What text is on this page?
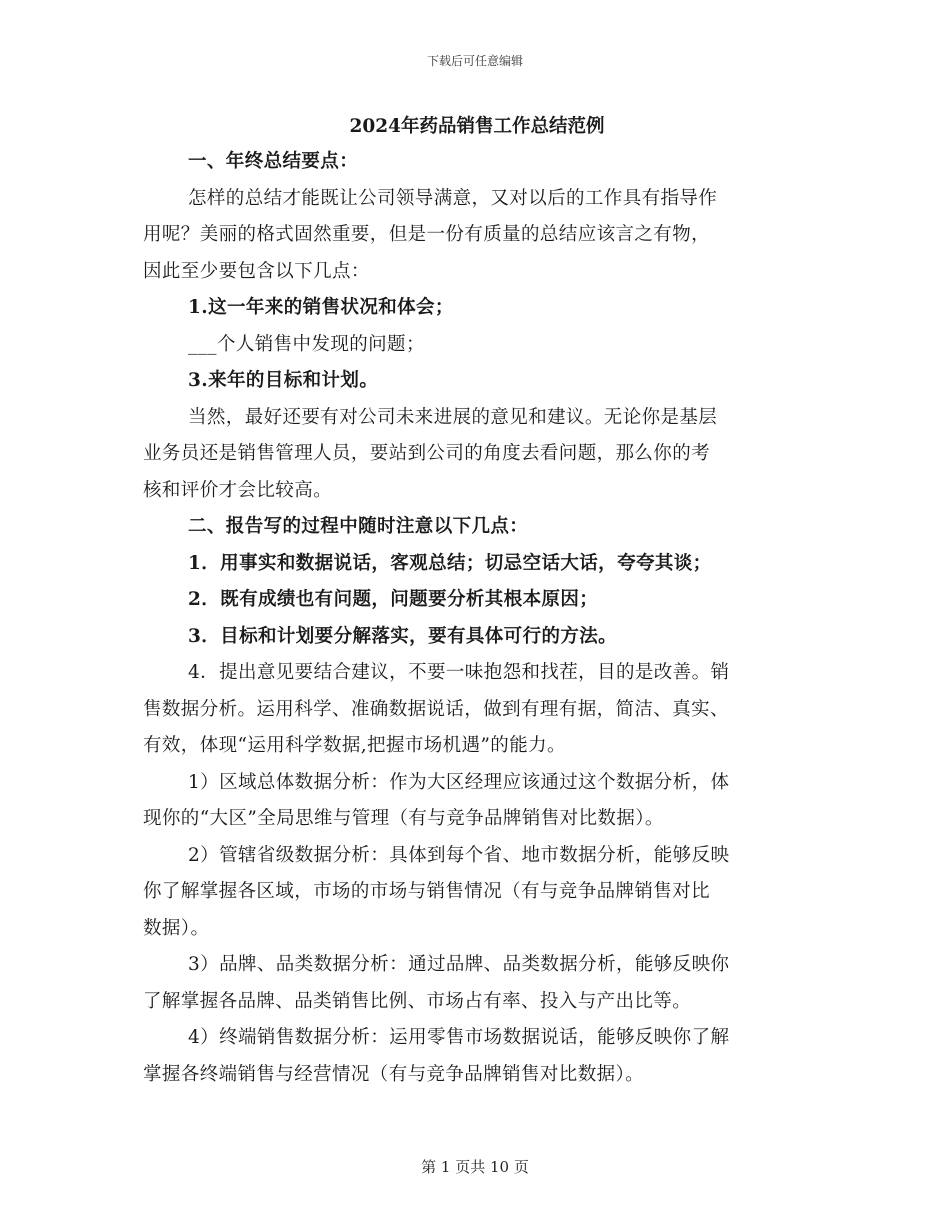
下载后可任意编辑
2024年药品销售工作总结范例

一、年终总结要点：

怎样的总结才能既让公司领导满意，又对以后的工作具有指导作

用呢？美丽的格式固然重要，但是一份有质量的总结应该言之有物，

因此至少要包含以下几点：

1.这一年来的销售状况和体会；

___个人销售中发现的问题；

3.来年的目标和计划。

当然，最好还要有对公司未来进展的意见和建议。无论你是基层

业务员还是销售管理人员，要站到公司的角度去看问题，那么你的考

核和评价才会比较高。

二、报告写的过程中随时注意以下几点：

1．用事实和数据说话，客观总结；切忌空话大话，夸夸其谈；

2．既有成绩也有问题，问题要分析其根本原因；

3．目标和计划要分解落实，要有具体可行的方法。

4．提出意见要结合建议，不要一味抱怨和找茬，目的是改善。销

售数据分析。运用科学、准确数据说话，做到有理有据，简洁、真实、

有效，体现“运用科学数据,把握市场机遇”的能力。

1）区域总体数据分析：作为大区经理应该通过这个数据分析，体

现你的“大区”全局思维与管理（有与竞争品牌销售对比数据）。

2）管辖省级数据分析：具体到每个省、地市数据分析，能够反映

你了解掌握各区域，市场的市场与销售情况（有与竞争品牌销售对比

数据）。

3）品牌、品类数据分析：通过品牌、品类数据分析，能够反映你

了解掌握各品牌、品类销售比例、市场占有率、投入与产出比等。

4）终端销售数据分析：运用零售市场数据说话，能够反映你了解

掌握各终端销售与经营情况（有与竞争品牌销售对比数据）。

第 1 页共 10 页
